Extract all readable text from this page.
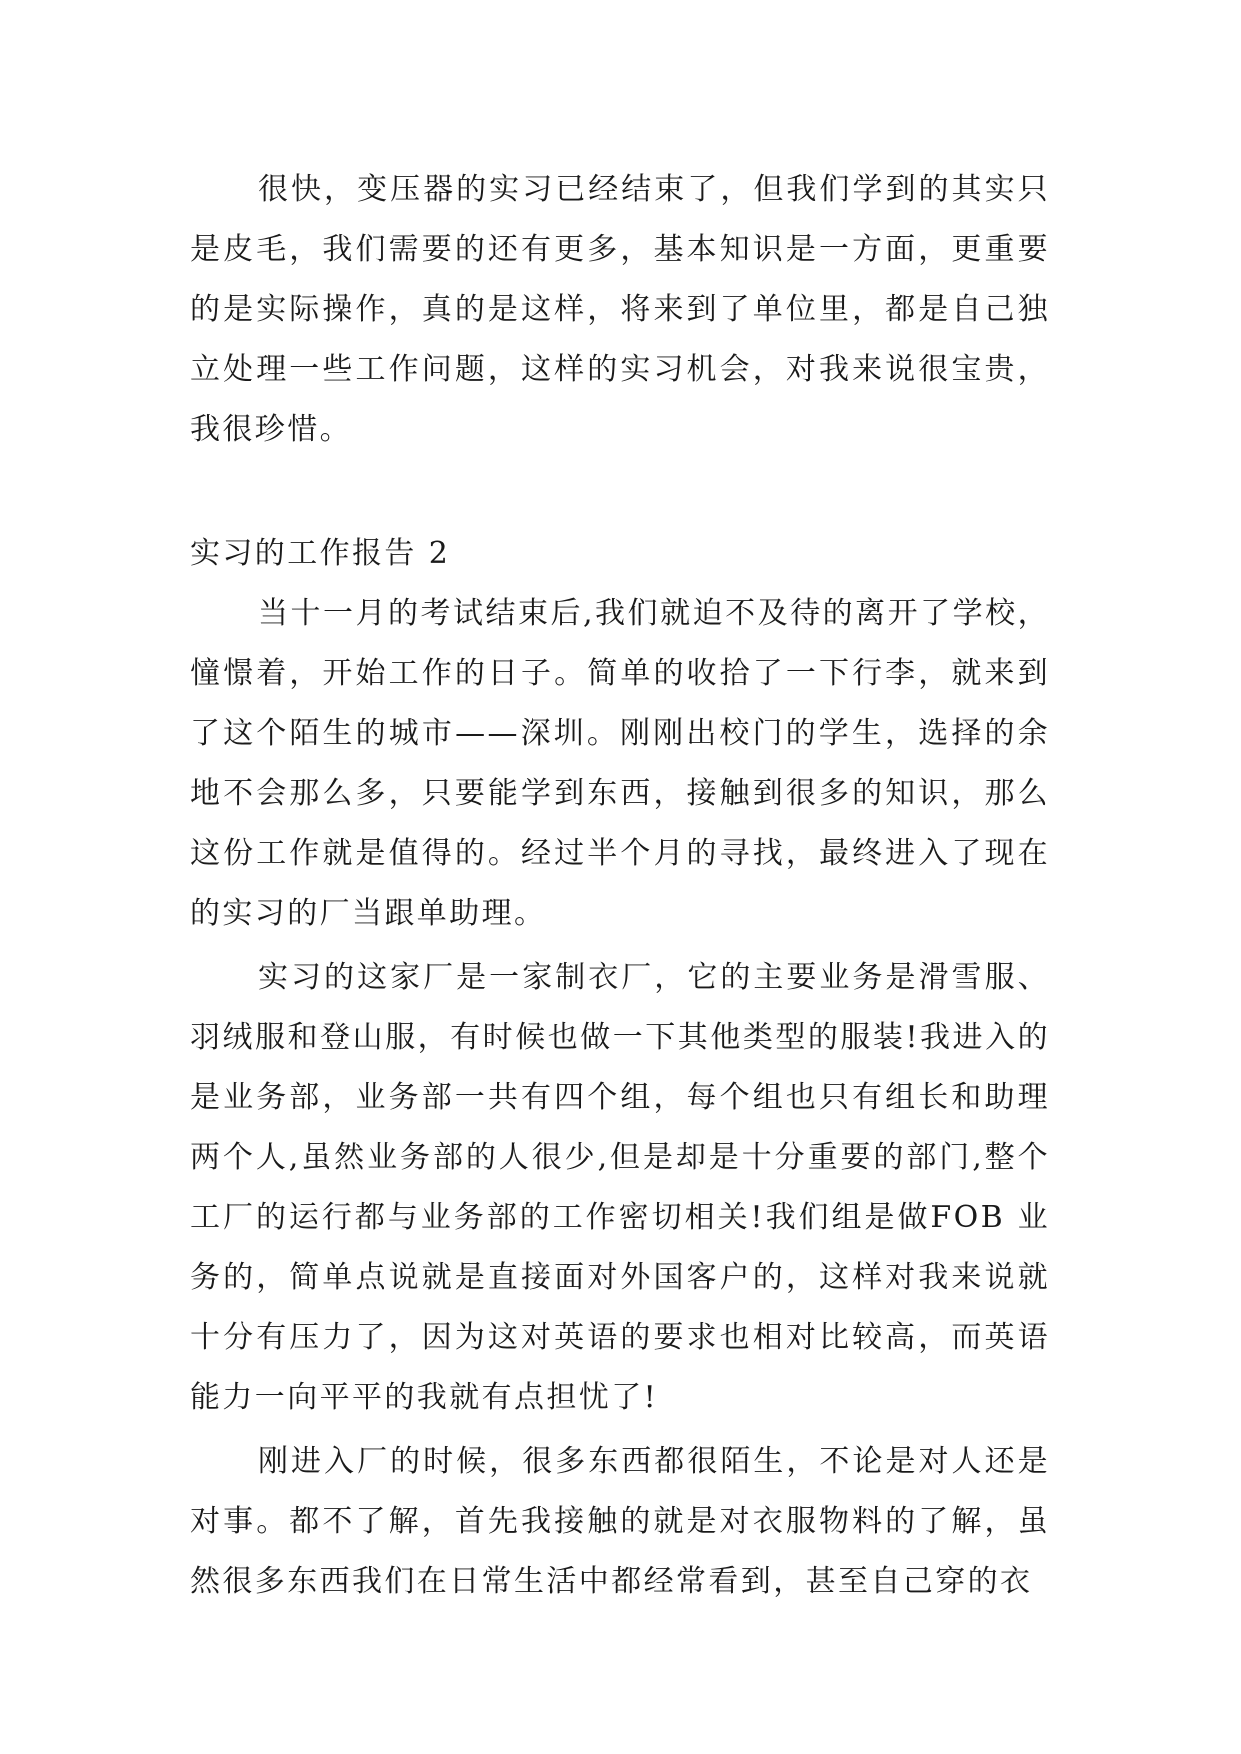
很快，变压器的实习已经结束了，但我们学到的其实只是皮毛，我们需要的还有更多，基本知识是一方面，更重要的是实际操作，真的是这样，将来到了单位里，都是自己独立处理一些工作问题，这样的实习机会，对我来说很宝贵，我很珍惜。

实习的工作报告 2

当十一月的考试结束后,我们就迫不及待的离开了学校，憧憬着，开始工作的日子。简单的收拾了一下行李，就来到了这个陌生的城市——深圳。刚刚出校门的学生，选择的余地不会那么多，只要能学到东西，接触到很多的知识，那么这份工作就是值得的。经过半个月的寻找，最终进入了现在的实习的厂当跟单助理。

实习的这家厂是一家制衣厂，它的主要业务是滑雪服、羽绒服和登山服，有时候也做一下其他类型的服装!我进入的是业务部，业务部一共有四个组，每个组也只有组长和助理两个人,虽然业务部的人很少,但是却是十分重要的部门,整个工厂的运行都与业务部的工作密切相关!我们组是做FOB 业务的，简单点说就是直接面对外国客户的，这样对我来说就十分有压力了，因为这对英语的要求也相对比较高，而英语能力一向平平的我就有点担忧了!

刚进入厂的时候，很多东西都很陌生，不论是对人还是对事。都不了解，首先我接触的就是对衣服物料的了解，虽然很多东西我们在日常生活中都经常看到，甚至自己穿的衣
